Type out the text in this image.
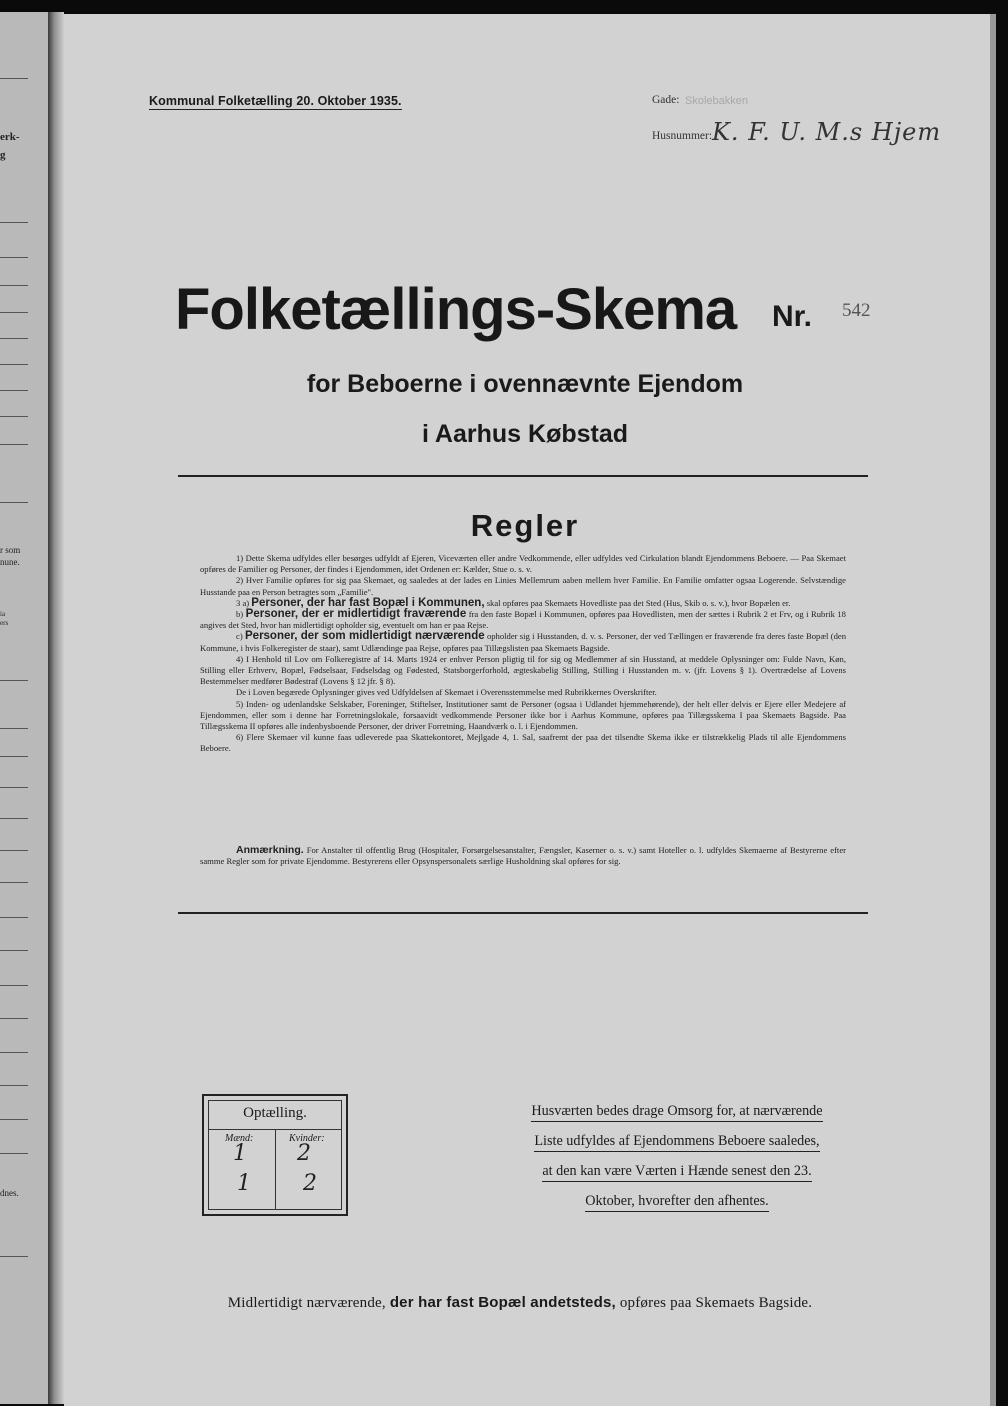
erk-
g
r som
nune.
ia
ers
dnes.
Kommunal Folketælling 20. Oktober 1935.	Gade: Skolebakken
Husnummer: K. F. U. M.s Hjem
Folketællings-Skema Nr. 542
for Beboerne i ovennævnte Ejendom
i Aarhus Købstad
Regler

1) Dette Skema udfyldes eller besørges udfyldt af Ejeren, Viceværten eller andre Vedkommende, eller udfyldes ved Cirkulation blandt Ejendommens Beboere. — Paa Skemaet opføres de Familier og Personer, der findes i Ejendommen, idet Ordenen er: Kælder, Stue o. s. v.

2) Hver Familie opføres for sig paa Skemaet, og saaledes at der lades en Linies Mellemrum aaben mellem hver Familie. En Familie omfatter ogsaa Logerende. Selvstændige Husstande paa en Person betragtes som „Familie".

3 a) Personer, der har fast Bopæl i Kommunen, skal opføres paa Skemaets Hovedliste paa det Sted (Hus, Skib o. s. v.), hvor Bopælen er.

b) Personer, der er midlertidigt fraværende fra den faste Bopæl i Kommunen, opføres paa Hovedlisten, men der sættes i Rubrik 2 et Frv, og i Rubrik 18 angives det Sted, hvor han midlertidigt opholder sig, eventuelt om han er paa Rejse.

c) Personer, der som midlertidigt nærværende opholder sig i Husstanden, d. v. s. Personer, der ved Tællingen er fraværende fra deres faste Bopæl (den Kommune, i hvis Folkeregister de staar), samt Udlændinge paa Rejse, opføres paa Tillægslisten paa Skemaets Bagside.

4) I Henhold til Lov om Folkeregistre af 14. Marts 1924 er enhver Person pligtig til for sig og Medlemmer af sin Husstand, at meddele Oplysninger om: Fulde Navn, Køn, Stilling eller Erhverv, Bopæl, Fødselsaar, Fødselsdag og Fødested, Statsborgerforhold, ægteskabelig Stilling, Stilling i Husstanden m. v. (jfr. Lovens § 1). Overtrædelse af Lovens Bestemmelser medfører Bødestraf (Lovens § 12 jfr. § 8).

De i Loven begærede Oplysninger gives ved Udfyldelsen af Skemaet i Overensstemmelse med Rubrikkernes Overskrifter.

5) Inden- og udenlandske Selskaber, Foreninger, Stiftelser, Institutioner samt de Personer (ogsaa i Udlandet hjemmehørende), der helt eller delvis er Ejere eller Medejere af Ejendommen, eller som i denne har Forretningslokale, forsaavidt vedkommende Personer ikke bor i Aarhus Kommune, opføres paa Tillægsskema I paa Skemaets Bagside. Paa Tillægsskema II opføres alle indenbysboende Personer, der driver Forretning, Haandværk o. l. i Ejendommen.

6) Flere Skemaer vil kunne faas udleverede paa Skattekontoret, Mejlgade 4, 1. Sal, saafremt der paa det tilsendte Skema ikke er tilstrækkelig Plads til alle Ejendommens Beboere.

Anmærkning. For Anstalter til offentlig Brug (Hospitaler, Forsørgelsesanstalter, Fængsler, Kaserner o. s. v.) samt Hoteller o. l. udfyldes Skemaerne af Bestyrerne efter samme Regler som for private Ejendomme. Bestyrerens eller Opsynspersonalets særlige Husholdning skal opføres for sig.
Optælling.
Mænd:	Kvinder:
1 2
1 2
Husværten bedes drage Omsorg for, at nærværende
Liste udfyldes af Ejendommens Beboere saaledes,
at den kan være Værten i Hænde senest den 23.
Oktober, hvorefter den afhentes.
Midlertidigt nærværende, der har fast Bopæl andetsteds, opføres paa Skemaets Bagside.
